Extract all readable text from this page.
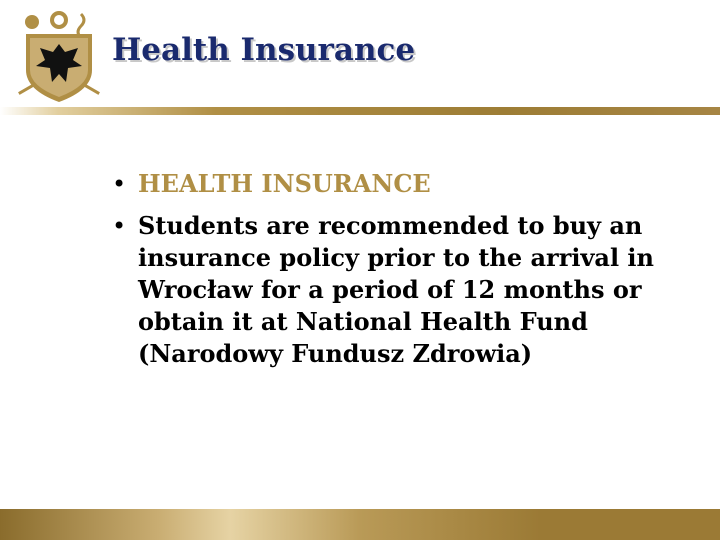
Health Insurance
• HEALTH INSURANCE
• Students are recommended to buy an insurance policy prior to the arrival in Wrocław for a period of 12 months or obtain it at National Health Fund (Narodowy Fundusz Zdrowia)
